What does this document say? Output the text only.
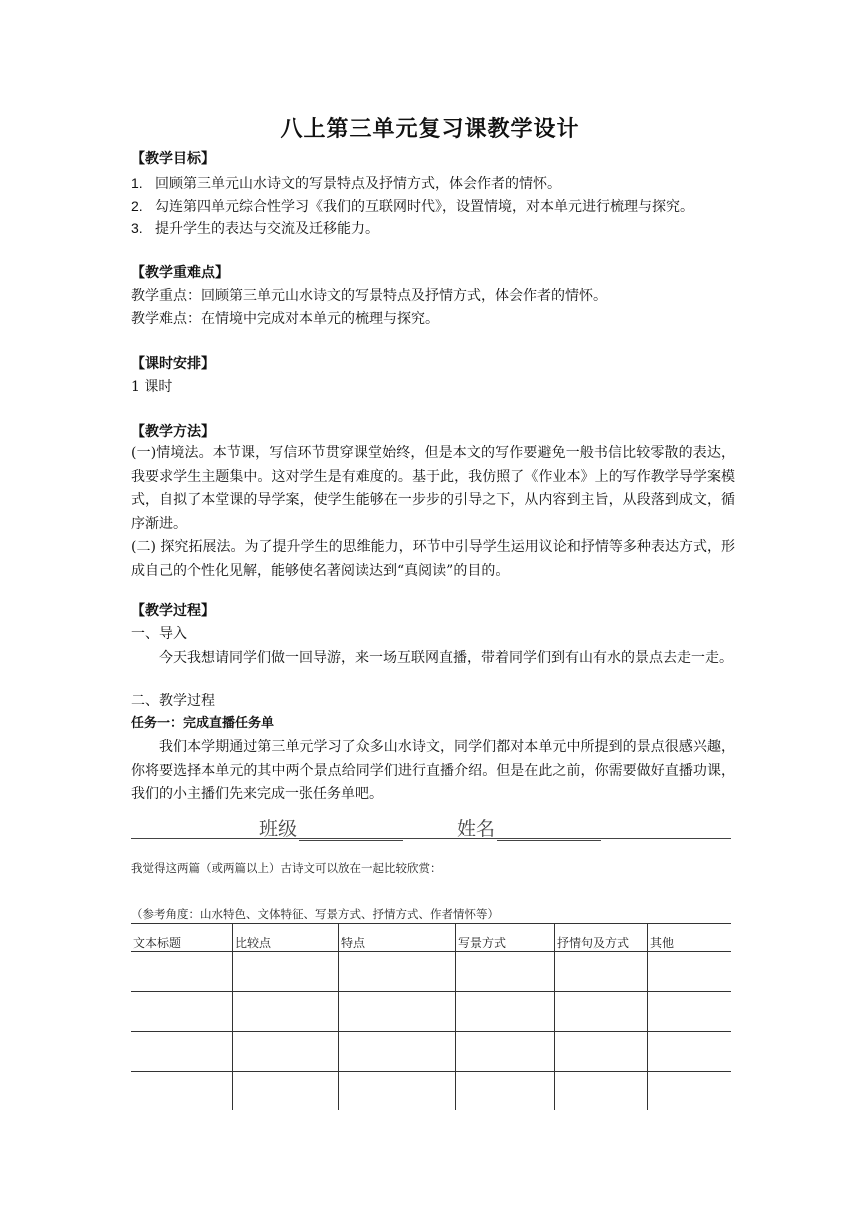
八上第三单元复习课教学设计
【教学目标】
1. 回顾第三单元山水诗文的写景特点及抒情方式，体会作者的情怀。
2. 勾连第四单元综合性学习《我们的互联网时代》，设置情境，对本单元进行梳理与探究。
3. 提升学生的表达与交流及迁移能力。
【教学重难点】
教学重点：回顾第三单元山水诗文的写景特点及抒情方式，体会作者的情怀。
教学难点：在情境中完成对本单元的梳理与探究。
【课时安排】
1 课时
【教学方法】
(一)情境法。本节课，写信环节贯穿课堂始终，但是本文的写作要避免一般书信比较零散的表达，我要求学生主题集中。这对学生是有难度的。基于此，我仿照了《作业本》上的写作教学导学案模式，自拟了本堂课的导学案，使学生能够在一步步的引导之下，从内容到主旨，从段落到成文，循序渐进。
(二) 探究拓展法。为了提升学生的思维能力，环节中引导学生运用议论和抒情等多种表达方式，形成自己的个性化见解，能够使名著阅读达到“真阅读”的目的。
【教学过程】
一、导入
今天我想请同学们做一回导游，来一场互联网直播，带着同学们到有山有水的景点去走一走。
二、教学过程
任务一：完成直播任务单
我们本学期通过第三单元学习了众多山水诗文，同学们都对本单元中所提到的景点很感兴趣，你将要选择本单元的其中两个景点给同学们进行直播介绍。但是在此之前，你需要做好直播功课，我们的小主播们先来完成一张任务单吧。
班级	姓名
我觉得这两篇（或两篇以上）古诗文可以放在一起比较欣赏：
（参考角度：山水特色、文体特征、写景方式、抒情方式、作者情怀等）
文本标题	比较点	特点	写景方式	抒情句及方式	其他
